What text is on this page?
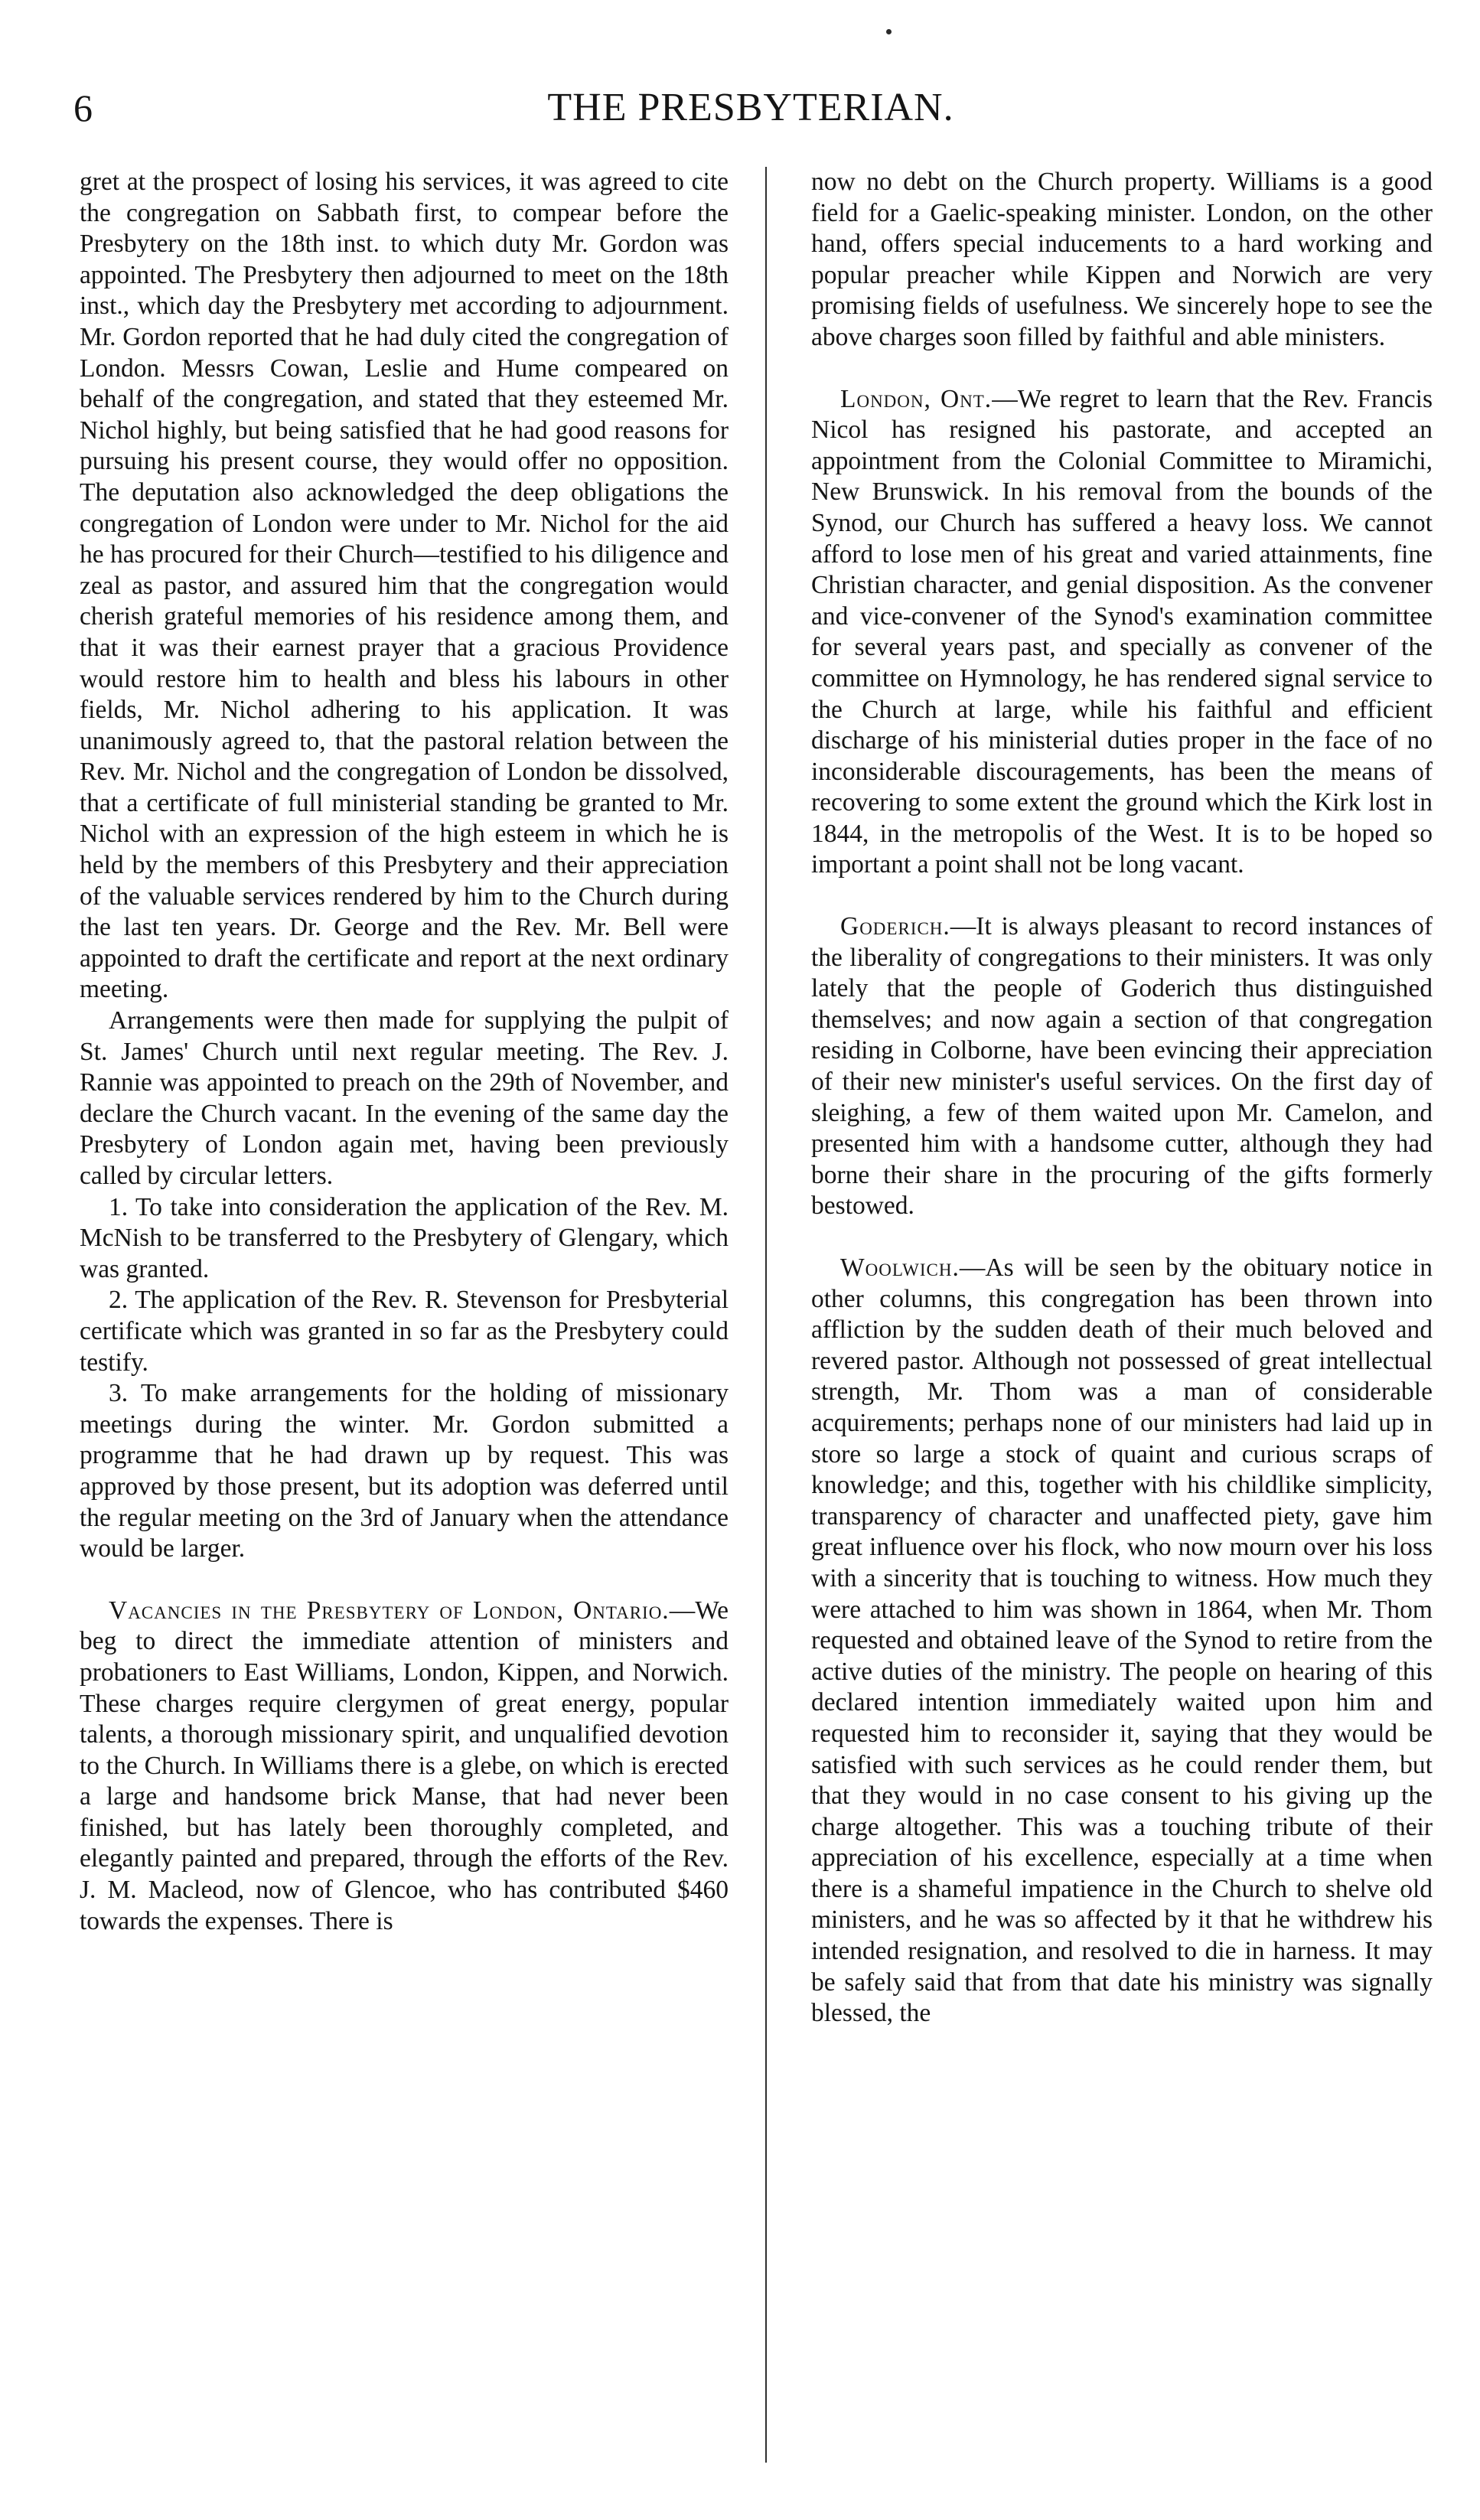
6	THE PRESBYTERIAN.

gret at the prospect of losing his services, it was agreed to cite the congregation on Sabbath first, to compear before the Presbytery on the 18th inst. to which duty Mr. Gordon was appointed. The Presbytery then adjourned to meet on the 18th inst., which day the Presbytery met according to adjournment. Mr. Gordon reported that he had duly cited the congregation of London. Messrs Cowan, Leslie and Hume compeared on behalf of the congregation, and stated that they esteemed Mr. Nichol highly, but being satisfied that he had good reasons for pursuing his present course, they would offer no opposition. The deputation also acknowledged the deep obligations the congregation of London were under to Mr. Nichol for the aid he has procured for their Church—testified to his diligence and zeal as pastor, and assured him that the congregation would cherish grateful memories of his residence among them, and that it was their earnest prayer that a gracious Providence would restore him to health and bless his labours in other fields, Mr. Nichol adhering to his application. It was unanimously agreed to, that the pastoral relation between the Rev. Mr. Nichol and the congregation of London be dissolved, that a certificate of full ministerial standing be granted to Mr. Nichol with an expression of the high esteem in which he is held by the members of this Presbytery and their appreciation of the valuable services rendered by him to the Church during the last ten years. Dr. George and the Rev. Mr. Bell were appointed to draft the certificate and report at the next ordinary meeting.

Arrangements were then made for supplying the pulpit of St. James' Church until next regular meeting. The Rev. J. Rannie was appointed to preach on the 29th of November, and declare the Church vacant. In the evening of the same day the Presbytery of London again met, having been previously called by circular letters.

1. To take into consideration the application of the Rev. M. McNish to be transferred to the Presbytery of Glengary, which was granted.

2. The application of the Rev. R. Stevenson for Presbyterial certificate which was granted in so far as the Presbytery could testify.

3. To make arrangements for the holding of missionary meetings during the winter. Mr. Gordon submitted a programme that he had drawn up by request. This was approved by those present, but its adoption was deferred until the regular meeting on the 3rd of January when the attendance would be larger.

Vacancies in the Presbytery of London, Ontario.—We beg to direct the immediate attention of ministers and probationers to East Williams, London, Kippen, and Norwich. These charges require clergymen of great energy, popular talents, a thorough missionary spirit, and unqualified devotion to the Church. In Williams there is a glebe, on which is erected a large and handsome brick Manse, that had never been finished, but has lately been thoroughly completed, and elegantly painted and prepared, through the efforts of the Rev. J. M. Macleod, now of Glencoe, who has contributed $460 towards the expenses. There is

now no debt on the Church property. Williams is a good field for a Gaelic-speaking minister. London, on the other hand, offers special inducements to a hard working and popular preacher while Kippen and Norwich are very promising fields of usefulness. We sincerely hope to see the above charges soon filled by faithful and able ministers.

London, Ont.—We regret to learn that the Rev. Francis Nicol has resigned his pastorate, and accepted an appointment from the Colonial Committee to Miramichi, New Brunswick. In his removal from the bounds of the Synod, our Church has suffered a heavy loss. We cannot afford to lose men of his great and varied attainments, fine Christian character, and genial disposition. As the convener and vice-convener of the Synod's examination committee for several years past, and specially as convener of the committee on Hymnology, he has rendered signal service to the Church at large, while his faithful and efficient discharge of his ministerial duties proper in the face of no inconsiderable discouragements, has been the means of recovering to some extent the ground which the Kirk lost in 1844, in the metropolis of the West. It is to be hoped so important a point shall not be long vacant.

Goderich.—It is always pleasant to record instances of the liberality of congregations to their ministers. It was only lately that the people of Goderich thus distinguished themselves; and now again a section of that congregation residing in Colborne, have been evincing their appreciation of their new minister's useful services. On the first day of sleighing, a few of them waited upon Mr. Camelon, and presented him with a handsome cutter, although they had borne their share in the procuring of the gifts formerly bestowed.

Woolwich.—As will be seen by the obituary notice in other columns, this congregation has been thrown into affliction by the sudden death of their much beloved and revered pastor. Although not possessed of great intellectual strength, Mr. Thom was a man of considerable acquirements; perhaps none of our ministers had laid up in store so large a stock of quaint and curious scraps of knowledge; and this, together with his childlike simplicity, transparency of character and unaffected piety, gave him great influence over his flock, who now mourn over his loss with a sincerity that is touching to witness. How much they were attached to him was shown in 1864, when Mr. Thom requested and obtained leave of the Synod to retire from the active duties of the ministry. The people on hearing of this declared intention immediately waited upon him and requested him to reconsider it, saying that they would be satisfied with such services as he could render them, but that they would in no case consent to his giving up the charge altogether. This was a touching tribute of their appreciation of his excellence, especially at a time when there is a shameful impatience in the Church to shelve old ministers, and he was so affected by it that he withdrew his intended resignation, and resolved to die in harness. It may be safely said that from that date his ministry was signally blessed, the
